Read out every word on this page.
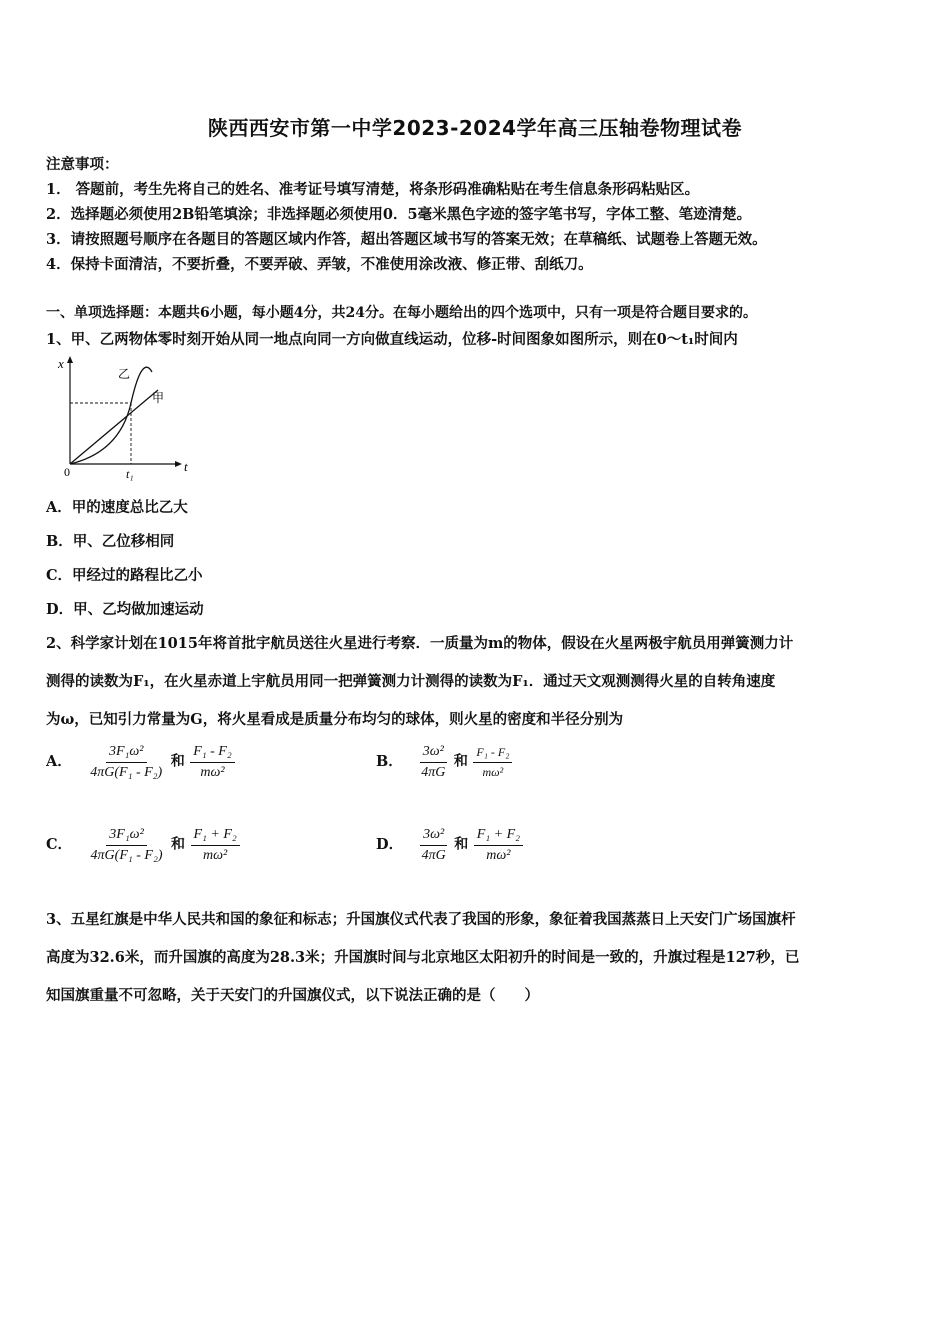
陕西西安市第一中学2023-2024学年高三压轴卷物理试卷
注意事项：
1． 答题前，考生先将自己的姓名、准考证号填写清楚，将条形码准确粘贴在考生信息条形码粘贴区。
2．选择题必须使用2B铅笔填涂；非选择题必须使用0．5毫米黑色字迹的签字笔书写，字体工整、笔迹清楚。
3．请按照题号顺序在各题目的答题区域内作答，超出答题区域书写的答案无效；在草稿纸、试题卷上答题无效。
4．保持卡面清洁，不要折叠，不要弄破、弄皱，不准使用涂改液、修正带、刮纸刀。
一、单项选择题：本题共6小题，每小题4分，共24分。在每小题给出的四个选项中，只有一项是符合题目要求的。
1、甲、乙两物体零时刻开始从同一地点向同一方向做直线运动，位移-时间图象如图所示，则在0～t₁时间内
x
t
0	t₁
乙
甲
A．甲的速度总比乙大
B．甲、乙位移相同
C．甲经过的路程比乙小
D．甲、乙均做加速运动
2、科学家计划在1015年将首批宇航员送往火星进行考察．一质量为m的物体，假设在火星两极宇航员用弹簧测力计
测得的读数为F₁，在火星赤道上宇航员用同一把弹簧测力计测得的读数为F₁．通过天文观测测得火星的自转角速度
为ω，已知引力常量为G，将火星看成是质量分布均匀的球体，则火星的密度和半径分别为
A． $\frac{\text{3F₁ω²}}{\text{4πG(F₁ - F₂)}}$ 和 $\frac{\text{F₁ - F₂}}{\text{mω²}}$	B． $\frac{\text{3ω²}}{4\pi G}$ 和 $\frac{\text{F₁ - F₂}}{\text{mω²}}$
C． $\frac{\text{3F₁ω²}}{\text{4πG(F₁ - F₂)}}$ 和 $\frac{\text{F₁ + F₂}}{\text{mω²}}$	D． $\frac{\text{3ω²}}{4\pi G}$ 和 $\frac{\text{F₁ + F₂}}{\text{mω²}}$
3、五星红旗是中华人民共和国的象征和标志；升国旗仪式代表了我国的形象，象征着我国蒸蒸日上天安门广场国旗杆
高度为32.6米，而升国旗的高度为28.3米；升国旗时间与北京地区太阳初升的时间是一致的，升旗过程是127秒，已
知国旗重量不可忽略，关于天安门的升国旗仪式，以下说法正确的是（　　）
